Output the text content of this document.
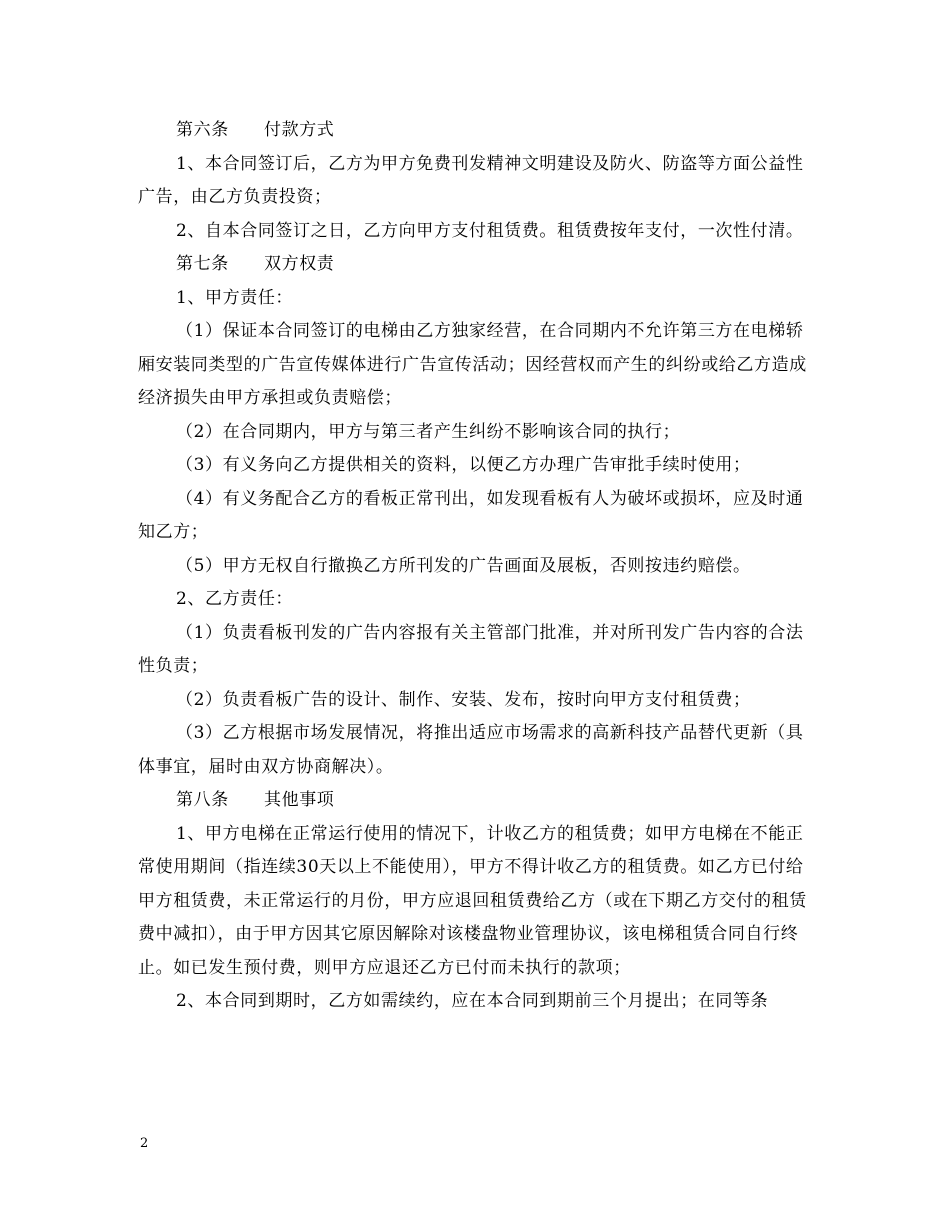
第六条　　付款方式

1、本合同签订后，乙方为甲方免费刊发精神文明建设及防火、防盗等方面公益性广告，由乙方负责投资；

2、自本合同签订之日，乙方向甲方支付租赁费。租赁费按年支付，一次性付清。

第七条　　双方权责

1、甲方责任：

（1）保证本合同签订的电梯由乙方独家经营，在合同期内不允许第三方在电梯轿厢安装同类型的广告宣传媒体进行广告宣传活动；因经营权而产生的纠纷或给乙方造成经济损失由甲方承担或负责赔偿；

（2）在合同期内，甲方与第三者产生纠纷不影响该合同的执行；

（3）有义务向乙方提供相关的资料，以便乙方办理广告审批手续时使用；

（4）有义务配合乙方的看板正常刊出，如发现看板有人为破坏或损坏，应及时通知乙方；

（5）甲方无权自行撤换乙方所刊发的广告画面及展板，否则按违约赔偿。

2、乙方责任：

（1）负责看板刊发的广告内容报有关主管部门批准，并对所刊发广告内容的合法性负责；

（2）负责看板广告的设计、制作、安装、发布，按时向甲方支付租赁费；

（3）乙方根据市场发展情况，将推出适应市场需求的高新科技产品替代更新（具体事宜，届时由双方协商解决）。

第八条　　其他事项

1、甲方电梯在正常运行使用的情况下，计收乙方的租赁费；如甲方电梯在不能正常使用期间（指连续30天以上不能使用），甲方不得计收乙方的租赁费。如乙方已付给甲方租赁费，未正常运行的月份，甲方应退回租赁费给乙方（或在下期乙方交付的租赁费中减扣），由于甲方因其它原因解除对该楼盘物业管理协议，该电梯租赁合同自行终止。如已发生预付费，则甲方应退还乙方已付而未执行的款项；

2、本合同到期时，乙方如需续约，应在本合同到期前三个月提出；在同等条

2
